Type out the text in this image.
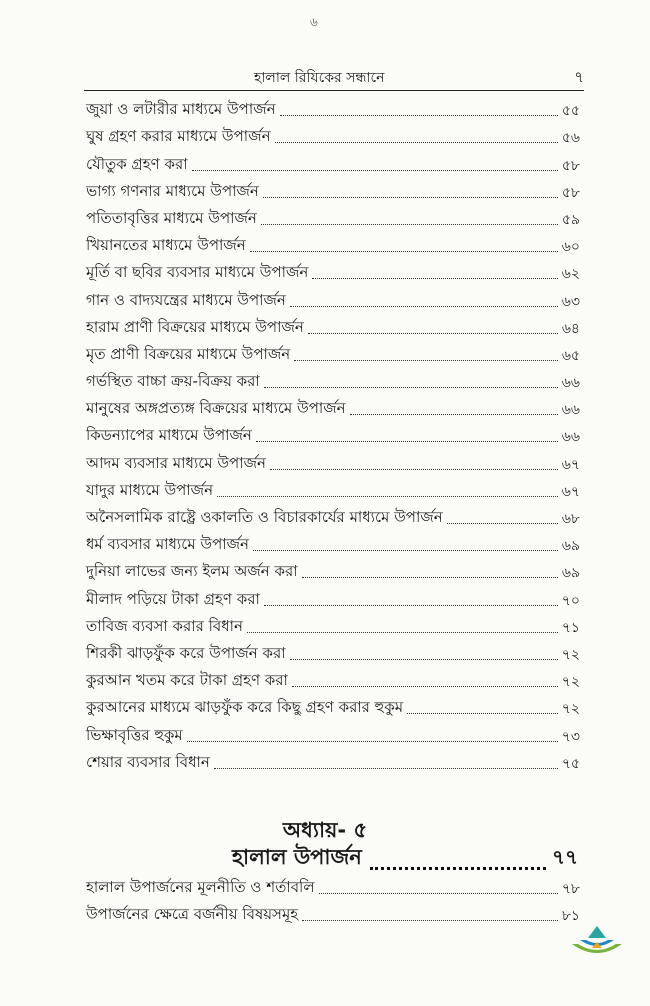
৬
হালাল রিযিকের সন্ধানে	৭
জুয়া ও লটারীর মাধ্যমে উপার্জন	৫৫
ঘুষ গ্রহণ করার মাধ্যমে উপার্জন	৫৬
যৌতুক গ্রহণ করা	৫৮
ভাগ্য গণনার মাধ্যমে উপার্জন	৫৮
পতিতাবৃত্তির মাধ্যমে উপার্জন	৫৯
খিয়ানতের মাধ্যমে উপার্জন	৬০
মূর্তি বা ছবির ব্যবসার মাধ্যমে উপার্জন	৬২
গান ও বাদ্যযন্ত্রের মাধ্যমে উপার্জন	৬৩
হারাম প্রাণী বিক্রয়ের মাধ্যমে উপার্জন	৬৪
মৃত প্রাণী বিক্রয়ের মাধ্যমে উপার্জন	৬৫
গর্ভস্থিত বাচ্চা ক্রয়-বিক্রয় করা	৬৬
মানুষের অঙ্গপ্রত্যঙ্গ বিক্রয়ের মাধ্যমে উপার্জন	৬৬
কিডন্যাপের মাধ্যমে উপার্জন	৬৬
আদম ব্যবসার মাধ্যমে উপার্জন	৬৭
যাদুর মাধ্যমে উপার্জন	৬৭
অনৈসলামিক রাষ্ট্রে ওকালতি ও বিচারকার্যের মাধ্যমে উপার্জন	৬৮
ধর্ম ব্যবসার মাধ্যমে উপার্জন	৬৯
দুনিয়া লাভের জন্য ইলম অর্জন করা	৬৯
মীলাদ পড়িয়ে টাকা গ্রহণ করা	৭০
তাবিজ ব্যবসা করার বিধান	৭১
শিরকী ঝাড়ফুঁক করে উপার্জন করা	৭২
কুরআন খতম করে টাকা গ্রহণ করা	৭২
কুরআনের মাধ্যমে ঝাড়ফুঁক করে কিছু গ্রহণ করার হুকুম	৭২
ভিক্ষাবৃত্তির হুকুম	৭৩
শেয়ার ব্যবসার বিধান	৭৫
অধ্যায়- ৫
হালাল উপার্জন	৭৭
হালাল উপার্জনের মূলনীতি ও শর্তাবলি	৭৮
উপার্জনের ক্ষেত্রে বর্জনীয় বিষয়সমূহ	৮১
